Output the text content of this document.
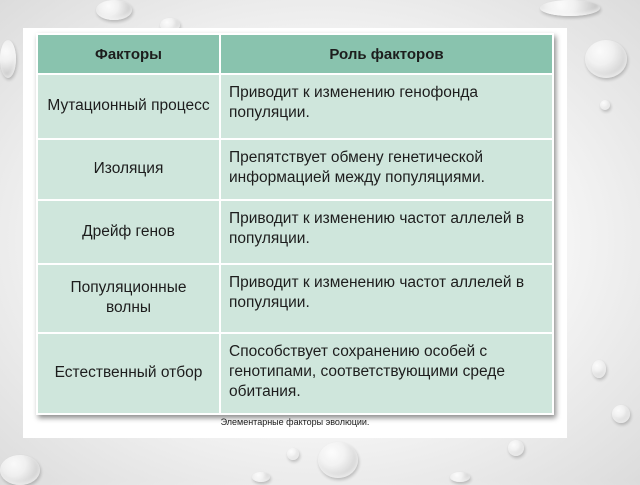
Факторы	Роль факторов
Мутационный процесс	Приводит к изменению генофонда популяции.
Изоляция	Препятствует обмену генетической информацией между популяциями.
Дрейф генов	Приводит к изменению частот аллелей в популяции.
Популяционные волны	Приводит к изменению частот аллелей в популяции.
Естественный отбор	Способствует сохранению особей с генотипами, соответствующими среде обитания.
Элементарные факторы эволюции.
